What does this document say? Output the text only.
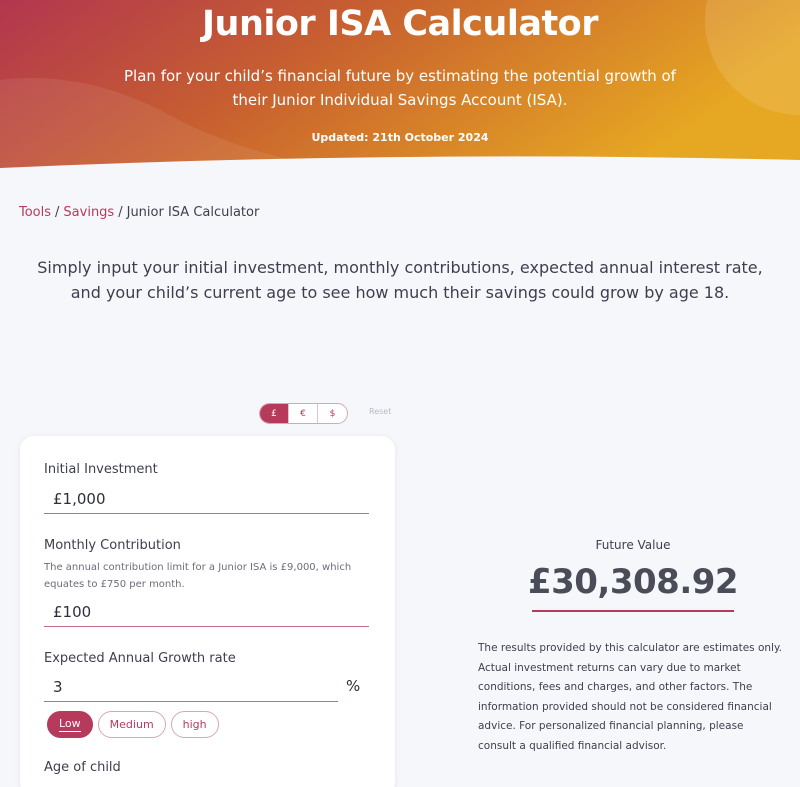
Junior ISA Calculator
Plan for your child’s financial future by estimating the potential growth of their Junior Individual Savings Account (ISA).
Updated: 21th October 2024
Tools / Savings / Junior ISA Calculator
Simply input your initial investment, monthly contributions, expected annual interest rate, and your child’s current age to see how much their savings could grow by age 18.
£	€	$	Reset
Initial Investment
£1,000
Monthly Contribution
The annual contribution limit for a Junior ISA is £9,000, which equates to £750 per month.
£100
Expected Annual Growth rate
3
%
Low	Medium	high
Age of child
Future Value
£30,308.92
The results provided by this calculator are estimates only. Actual investment returns can vary due to market conditions, fees and charges, and other factors. The information provided should not be considered financial advice. For personalized financial planning, please consult a qualified financial advisor.
